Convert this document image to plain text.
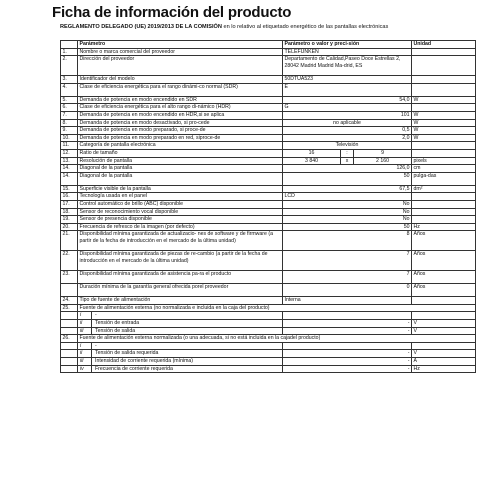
Ficha de información del producto
REGLAMENTO DELEGADO (UE) 2019/2013 DE LA COMISIÓN en lo relativo al etiquetado energético de las pantallas electrónicas
	Parámetro	Parámetro o valor y preci-sión	Unidad
1.	Nombre o marca comercial del proveedor	TELEFUNKEN	
2.	Dirección del proveedor	Departamento de Calidad,Paseo Doce Estrellas 2, 28042 Madrid Madrid Ma-drid, ES	
3.	Identificador del modelo	50DTUA523	
4.	Clase de eficiencia energética para el rango dinámi-co normal (SDR)	E	
5.	Demanda de potencia en modo encendido en SDR	54,0	W
6.	Clase de eficiencia energética para el alto rango di-námico (HDR)	G	
7.	Demanda de potencia en modo encendido en HDR,si se aplica	101	W
8.	Demanda de potencia en modo desactivado, si pro-cede	no aplicable	W
9.	Demanda de potencia en modo preparado, si proce-de	0,5	W
10.	Demanda de potencia en modo preparado en red, siproce-de	2,0	W
11.	Categoría de pantalla electrónica	Televisión	
12.	Ratio de tamaño	16 : 9	

13.	Resolución de pantalla	3 840 x 2 160	pixels
14.	Diagonal de la pantalla	126,0	cm
14.	Diagonal de la pantalla	50	pulga-das
15.	Superficie visible de la pantalla	67,5	dm²
16.	Tecnología usada en el panel	LCD	
17.	Control automático de brillo (ABC) disponible	No	
18.	Sensor de reconocimiento vocal disponible	No	
19.	Sensor de presencia disponible	No	
20.	Frecuencia de refresco de la imagen (por defecto)	50	Hz
21.	Disponibilidad mínima garantizada de actualizacio- nes de software y de firmware (a partir de la fecha de introducción en el mercado de la última unidad)	8	Años
22.	Disponibilidad mínima garantizada de piezas de re-cambio (a partir de la fecha de introducción en el mercado de la última unidad)	7	Años
23.	Disponibilidad mínima garantizada de asistencia pa-ra el producto	7	Años
	Duración mínima de la garantía general ofrecida porel proveedor	0	Años
24.	Tipo de fuente de alimentación	Interna	
25.	Fuente de alimentación externa (no normalizada e incluida en la caja del producto)		

	i -		

	ii Tensión de entrada	-	V

	iii Tensión de salida	-	V
26.	Fuente de alimentación externa normalizada (o una adecuada, si no está incluida en la cajadel producto)		

	i -		

	ii Tensión de salida requerida	-	V

	iii Intensidad de corriente requerida (mínima)	-	A

	iv Frecuencia de corriente requerida	-	Hz
